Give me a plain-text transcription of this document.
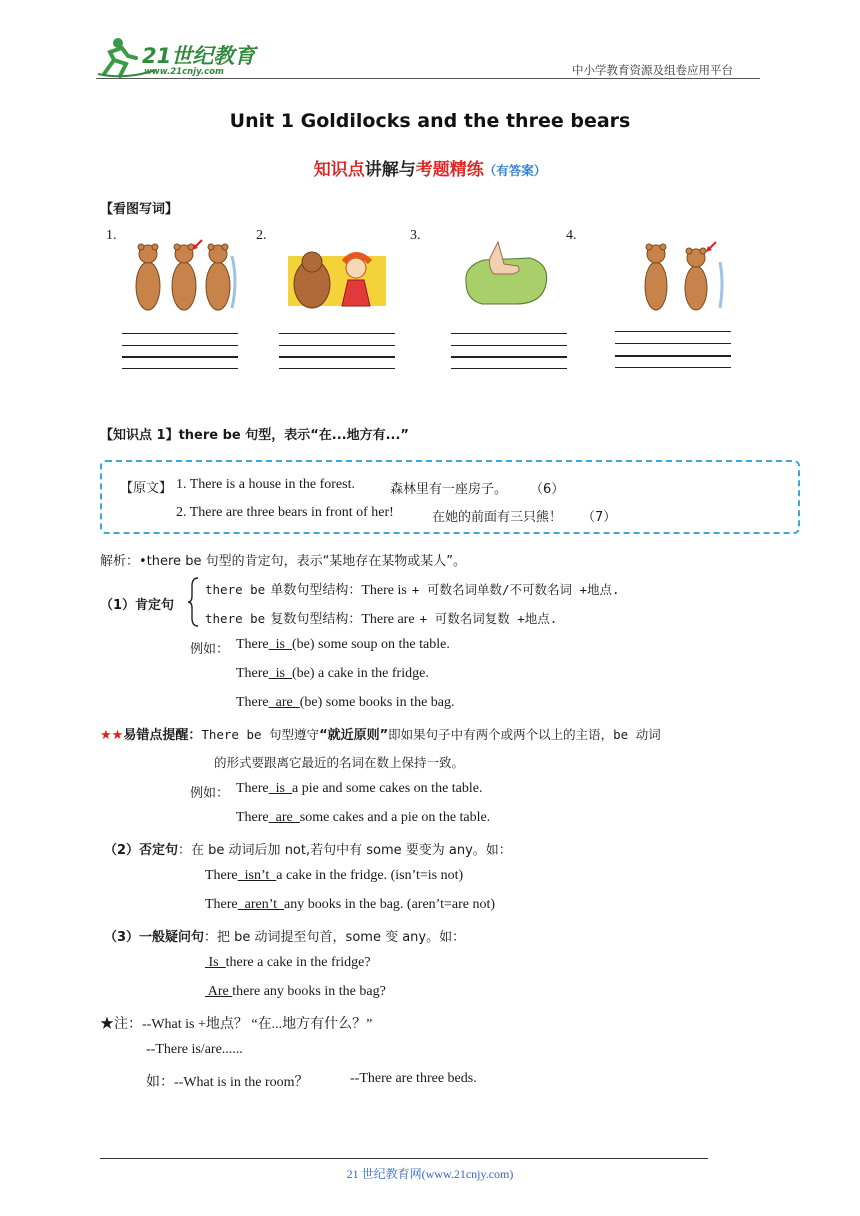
21世纪教育
www.21cnjy.com	中小学教育资源及组卷应用平台
Unit 1 Goldilocks and the three bears
知识点讲解与考题精练（有答案）
【看图写词】
1.	2.	3.	4.
【知识点 1】there be 句型，表示“在...地方有...”
【原文】 1. There is a house in the forest.	森林里有一座房子。 （6）
2. There are three bears in front of her!	在她的前面有三只熊！ （7）
解析：•there be 句型的肯定句，表示“某地存在某物或某人”。
（1）肯定句
there be 单数句型结构：There is + 可数名词单数/不可数名词 +地点.
there be 复数句型结构：There are + 可数名词复数 +地点.
例如： There  is  (be) some soup on the table.
There  is  (be) a cake in the fridge.
There  are  (be) some books in the bag.
★★易错点提醒：There be 句型遵守“就近原则”即如果句子中有两个或两个以上的主语，be 动词
的形式要跟离它最近的名词在数上保持一致。
例如： There  is  a pie and some cakes on the table.
There  are  some cakes and a pie on the table.
（2）否定句：在 be 动词后加 not,若句中有 some 要变为 any。如：
There  isn’t  a cake in the fridge. (isn’t=is not)
There  aren’t  any books in the bag. (aren’t=are not)
（3）一般疑问句：把 be 动词提至句首，some 变 any。如：
Is  there a cake in the fridge?
Are there any books in the bag?
★注：--What is +地点？ “在...地方有什么？”
--There is/are......
如：--What is in the room？	--There are three beds.
21 世纪教育网(www.21cnjy.com)
